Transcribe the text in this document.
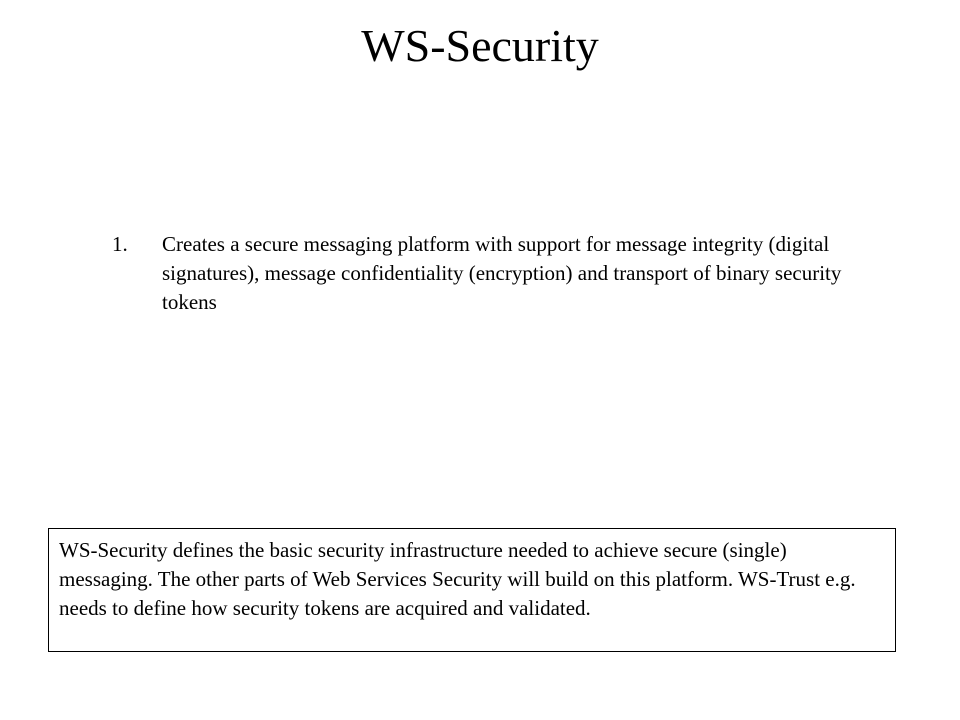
WS-Security
1.	Creates a secure messaging platform with support for message integrity (digital signatures), message confidentiality (encryption) and transport of binary security tokens
WS-Security defines the basic security infrastructure needed to achieve secure (single) messaging. The other parts of Web Services Security will build on this platform. WS-Trust e.g. needs to define how security tokens are acquired and validated.
